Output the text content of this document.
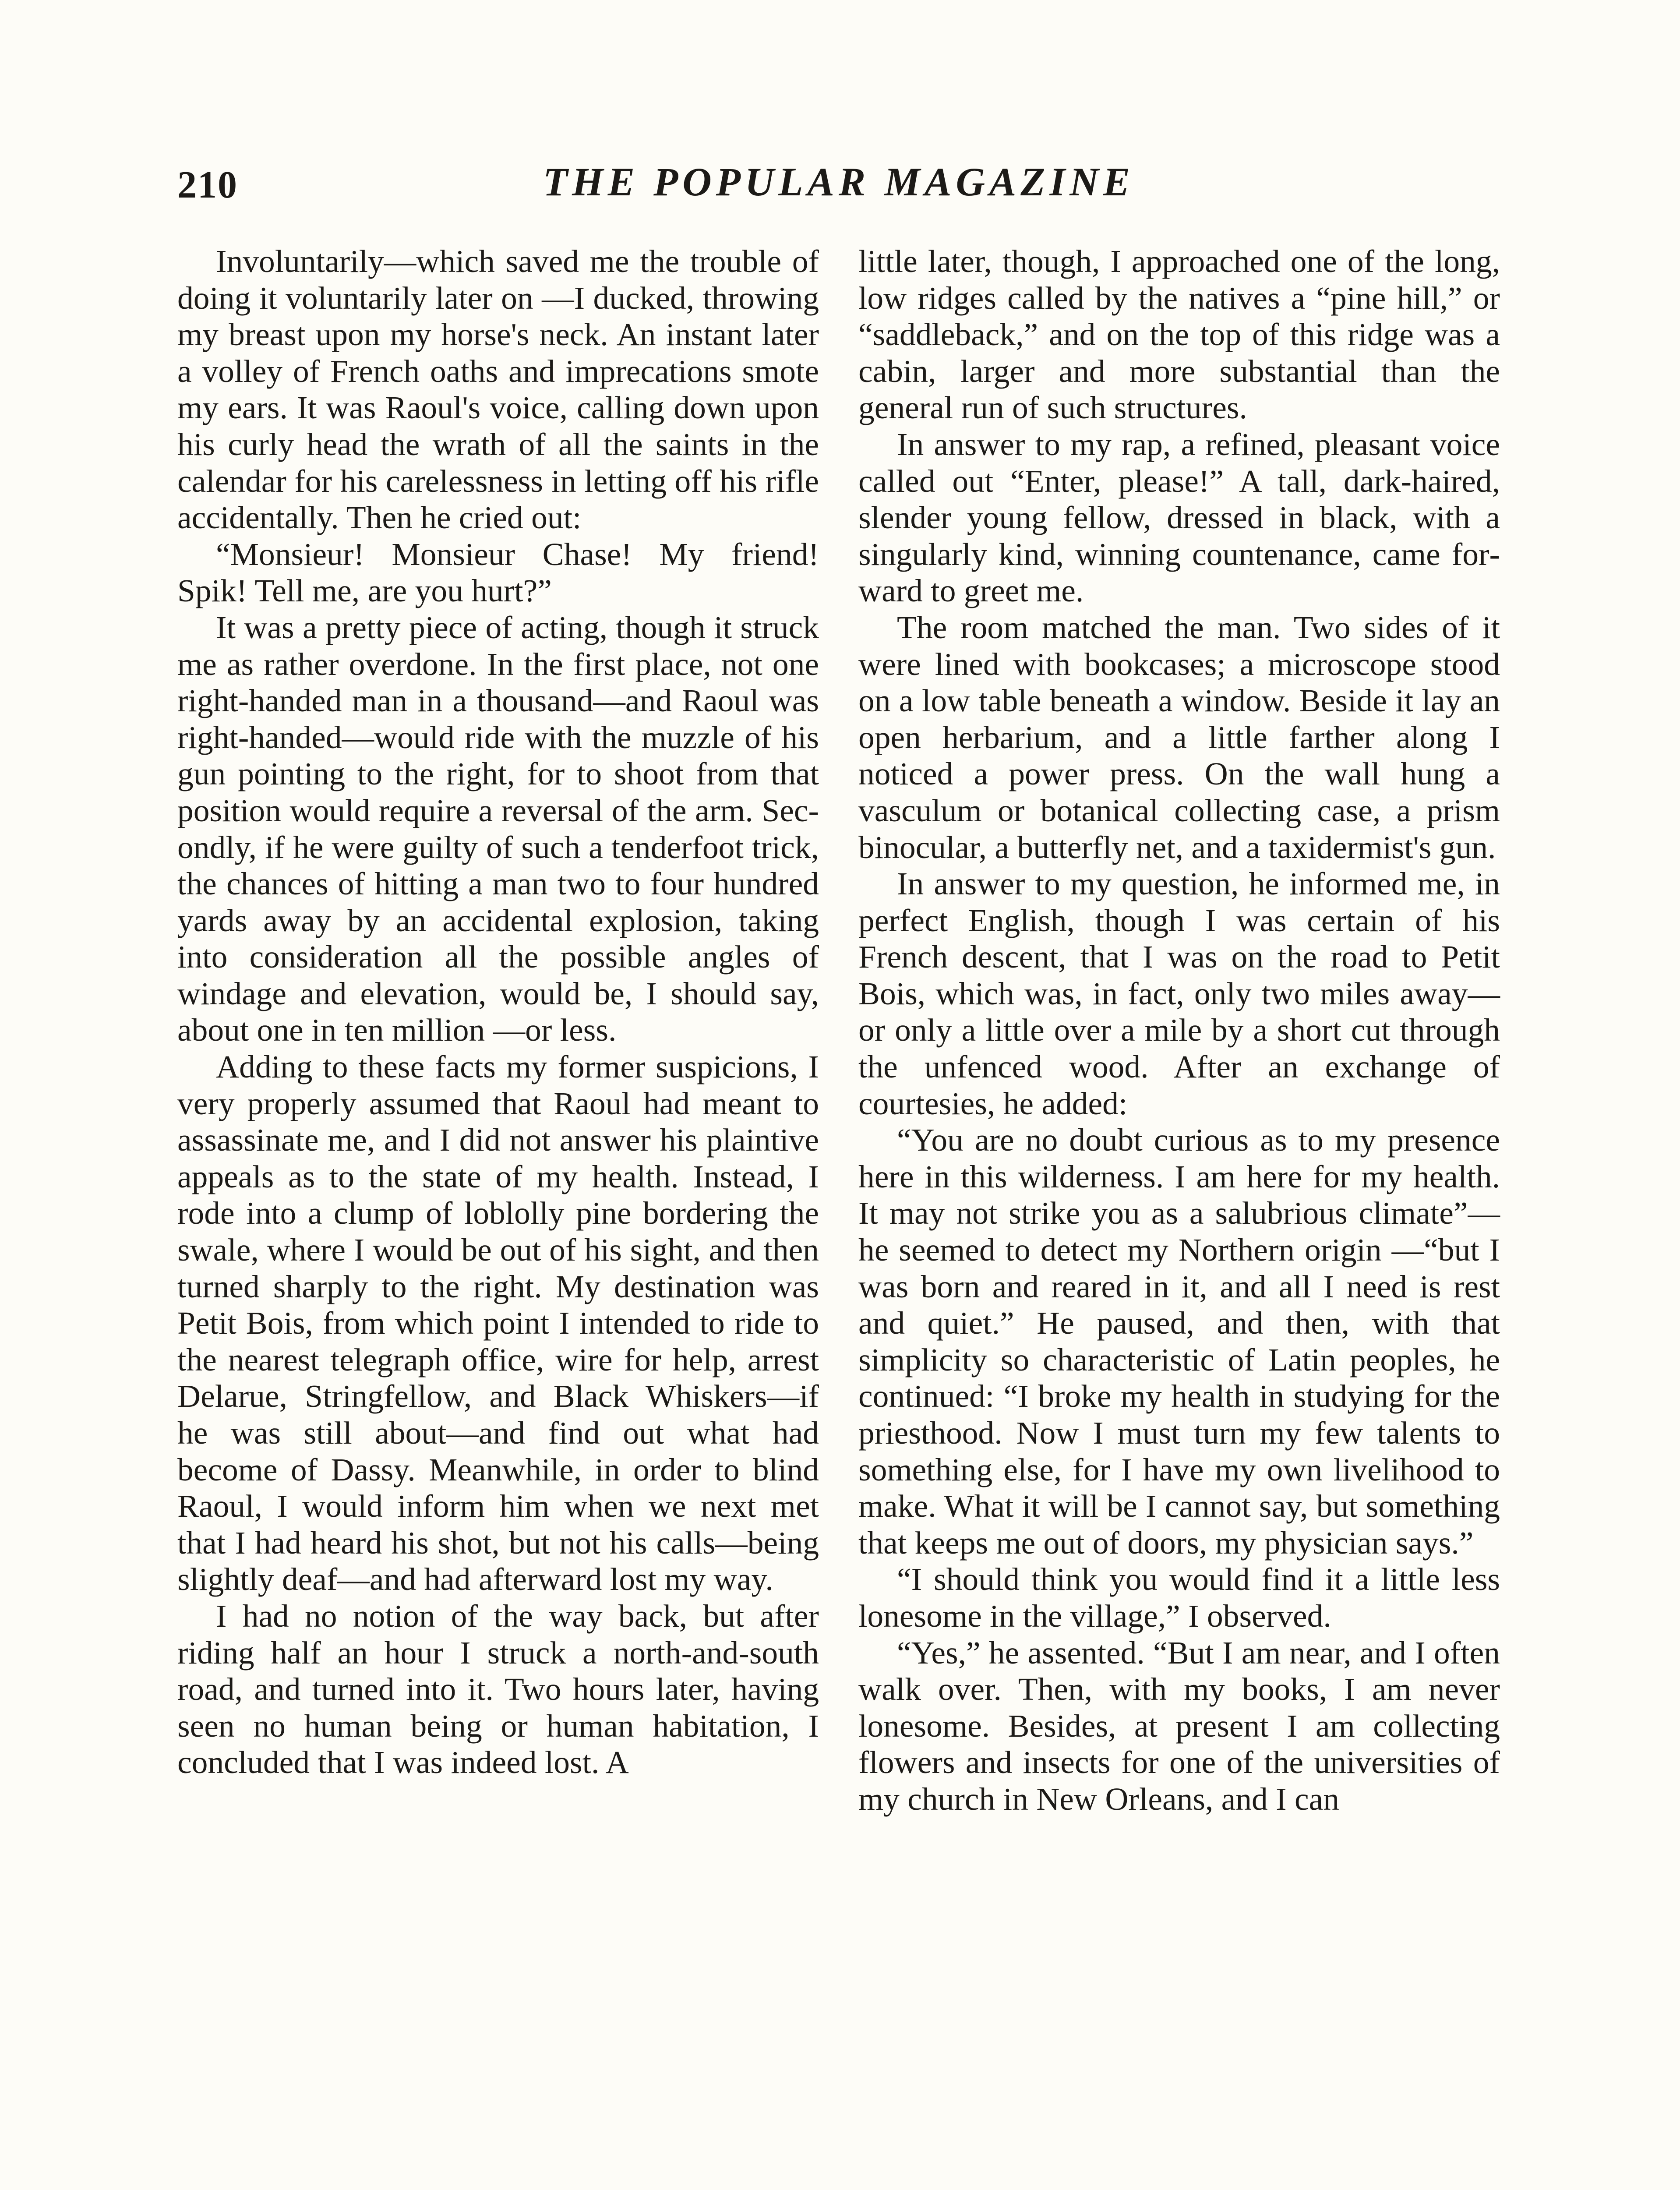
210	THE POPULAR MAGAZINE

Involuntarily—which saved me the trouble of doing it voluntarily later on —I ducked, throwing my breast upon my horse's neck. An instant later a volley of French oaths and imprecations smote my ears. It was Raoul's voice, calling down upon his curly head the wrath of all the saints in the calendar for his carelessness in letting off his rifle accidentally. Then he cried out:

“Monsieur! Monsieur Chase! My friend! Spik! Tell me, are you hurt?”

It was a pretty piece of acting, though it struck me as rather overdone. In the first place, not one right-handed man in a thousand—and Raoul was right-handed—would ride with the muzzle of his gun pointing to the right, for to shoot from that position would require a reversal of the arm. Secondly, if he were guilty of such a tenderfoot trick, the chances of hitting a man two to four hundred yards away by an accidental explosion, taking into consideration all the possible angles of windage and elevation, would be, I should say, about one in ten million —or less.

Adding to these facts my former suspicions, I very properly assumed that Raoul had meant to assassinate me, and I did not answer his plaintive appeals as to the state of my health. Instead, I rode into a clump of loblolly pine bordering the swale, where I would be out of his sight, and then turned sharply to the right. My destination was Petit Bois, from which point I intended to ride to the nearest telegraph office, wire for help, arrest Delarue, Stringfellow, and Black Whiskers—if he was still about—and find out what had become of Dassy. Meanwhile, in order to blind Raoul, I would inform him when we next met that I had heard his shot, but not his calls—being slightly deaf—and had afterward lost my way.

I had no notion of the way back, but after riding half an hour I struck a north-and-south road, and turned into it. Two hours later, having seen no human being or human habitation, I concluded that I was indeed lost. A

little later, though, I approached one of the long, low ridges called by the natives a “pine hill,” or “saddleback,” and on the top of this ridge was a cabin, larger and more substantial than the general run of such structures.

In answer to my rap, a refined, pleasant voice called out “Enter, please!” A tall, dark-haired, slender young fellow, dressed in black, with a singularly kind, winning countenance, came forward to greet me.

The room matched the man. Two sides of it were lined with bookcases; a microscope stood on a low table beneath a window. Beside it lay an open herbarium, and a little farther along I noticed a power press. On the wall hung a vasculum or botanical collecting case, a prism binocular, a butterfly net, and a taxidermist's gun.

In answer to my question, he informed me, in perfect English, though I was certain of his French descent, that I was on the road to Petit Bois, which was, in fact, only two miles away—or only a little over a mile by a short cut through the unfenced wood. After an exchange of courtesies, he added:

“You are no doubt curious as to my presence here in this wilderness. I am here for my health. It may not strike you as a salubrious climate”—he seemed to detect my Northern origin —“but I was born and reared in it, and all I need is rest and quiet.” He paused, and then, with that simplicity so characteristic of Latin peoples, he continued: “I broke my health in studying for the priesthood. Now I must turn my few talents to something else, for I have my own livelihood to make. What it will be I cannot say, but something that keeps me out of doors, my physician says.”

“I should think you would find it a little less lonesome in the village,” I observed.

“Yes,” he assented. “But I am near, and I often walk over. Then, with my books, I am never lonesome. Besides, at present I am collecting flowers and insects for one of the universities of my church in New Orleans, and I can
